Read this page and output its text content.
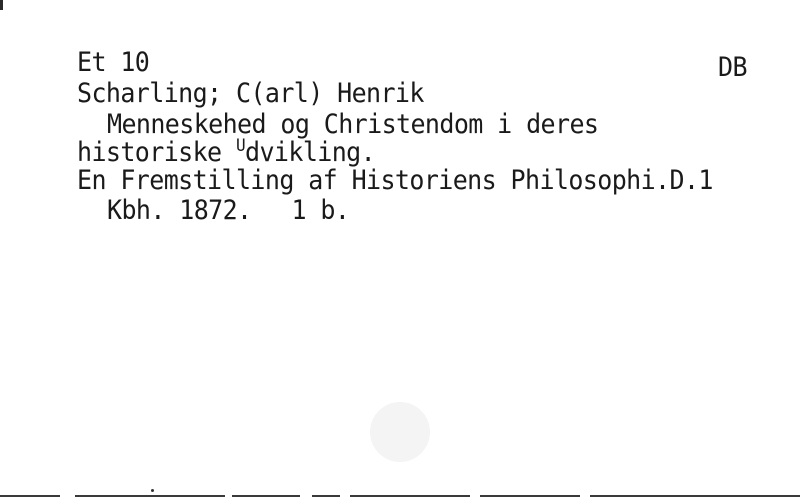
Et 10	DB
Scharling; C(arl) Henrik
Menneskehed og Christendom i deres
historiske $^U$dvikling.
En Fremstilling af Historiens Philosophi.D.1
Kbh. 1872. 1 b.
